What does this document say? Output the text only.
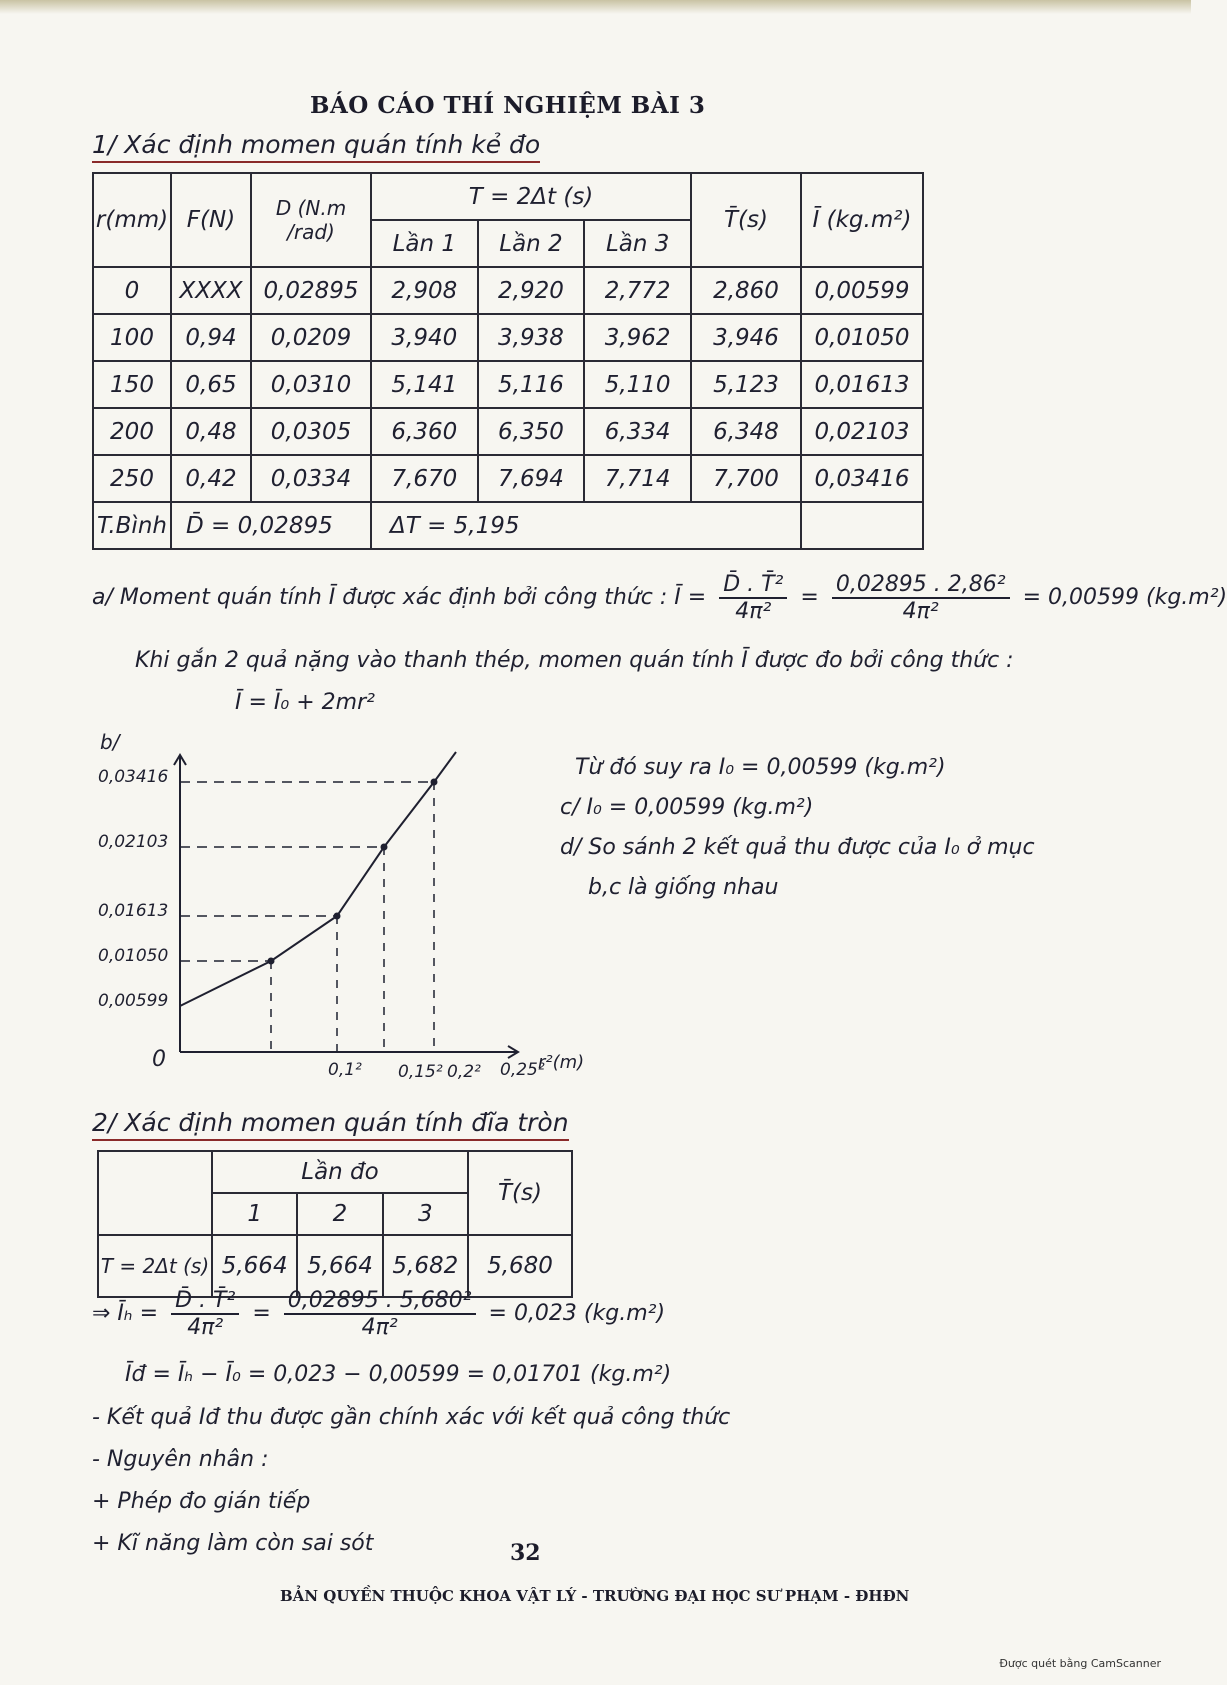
BÁO CÁO THÍ NGHIỆM BÀI 3
1/ Xác định momen quán tính kẻ đo
r(mm)	F(N)	D (N.m /rad)	T = 2Δt (s)			T̄(s)	Ī (kg.m²)
			Lần 1	Lần 2	Lần 3		
0	XXXX	0,02895	2,908	2,920	2,772	2,860	0,00599
100	0,94	0,0209	3,940	3,938	3,962	3,946	0,01050
150	0,65	0,0310	5,141	5,116	5,110	5,123	0,01613
200	0,48	0,0305	6,360	6,350	6,334	6,348	0,02103
250	0,42	0,0334	7,670	7,694	7,714	7,700	0,03416
T.Bình	D̄ = 0,02895		ΔT = 5,195				
a/ Moment quán tính Ī được xác định bởi công thức : Ī = $\frac{\text{D̄ . T̄²}}{\text{4π²}} = \frac{\text{0,02895 . 2,86²}}{\text{4π²}} = 0,00599$ (kg.m²)
Khi gắn 2 quả nặng vào thanh thép, momen quán tính Ī được đo bởi công thức :
Ī = Ī₀ + 2mr²
b/
0,03416
0,02103
0,01613
0,01050
0,00599
0	0,1² 0,15² 0,2² 0,25²
r²(m)
Từ đó suy ra I₀ = 0,00599 (kg.m²)
c/ I₀ = 0,00599 (kg.m²)
d/ So sánh 2 kết quả thu được của I₀ ở mục
b,c là giống nhau
2/ Xác định momen quán tính đĩa tròn
	Lần đo			T̄(s)
	1	2	3	
T = 2Δt (s)	5,664	5,664	5,682	5,680
⇒ Īₕ = $\frac{\text{D̄ . T̄²}}{\text{4π²}} = \frac{\text{0,02895 . 5,680²}}{\text{4π²}} = 0,023$ (kg.m²)
Īđ = Īₕ − Ī₀ = 0,023 − 0,00599 = 0,01701 (kg.m²)
- Kết quả Iđ thu được gần chính xác với kết quả công thức
- Nguyên nhân :
+ Phép đo gián tiếp
+ Kĩ năng làm còn sai sót	32
BẢN QUYỀN THUỘC KHOA VẬT LÝ - TRƯỜNG ĐẠI HỌC SƯ PHẠM - ĐHĐN
Được quét bằng CamScanner
